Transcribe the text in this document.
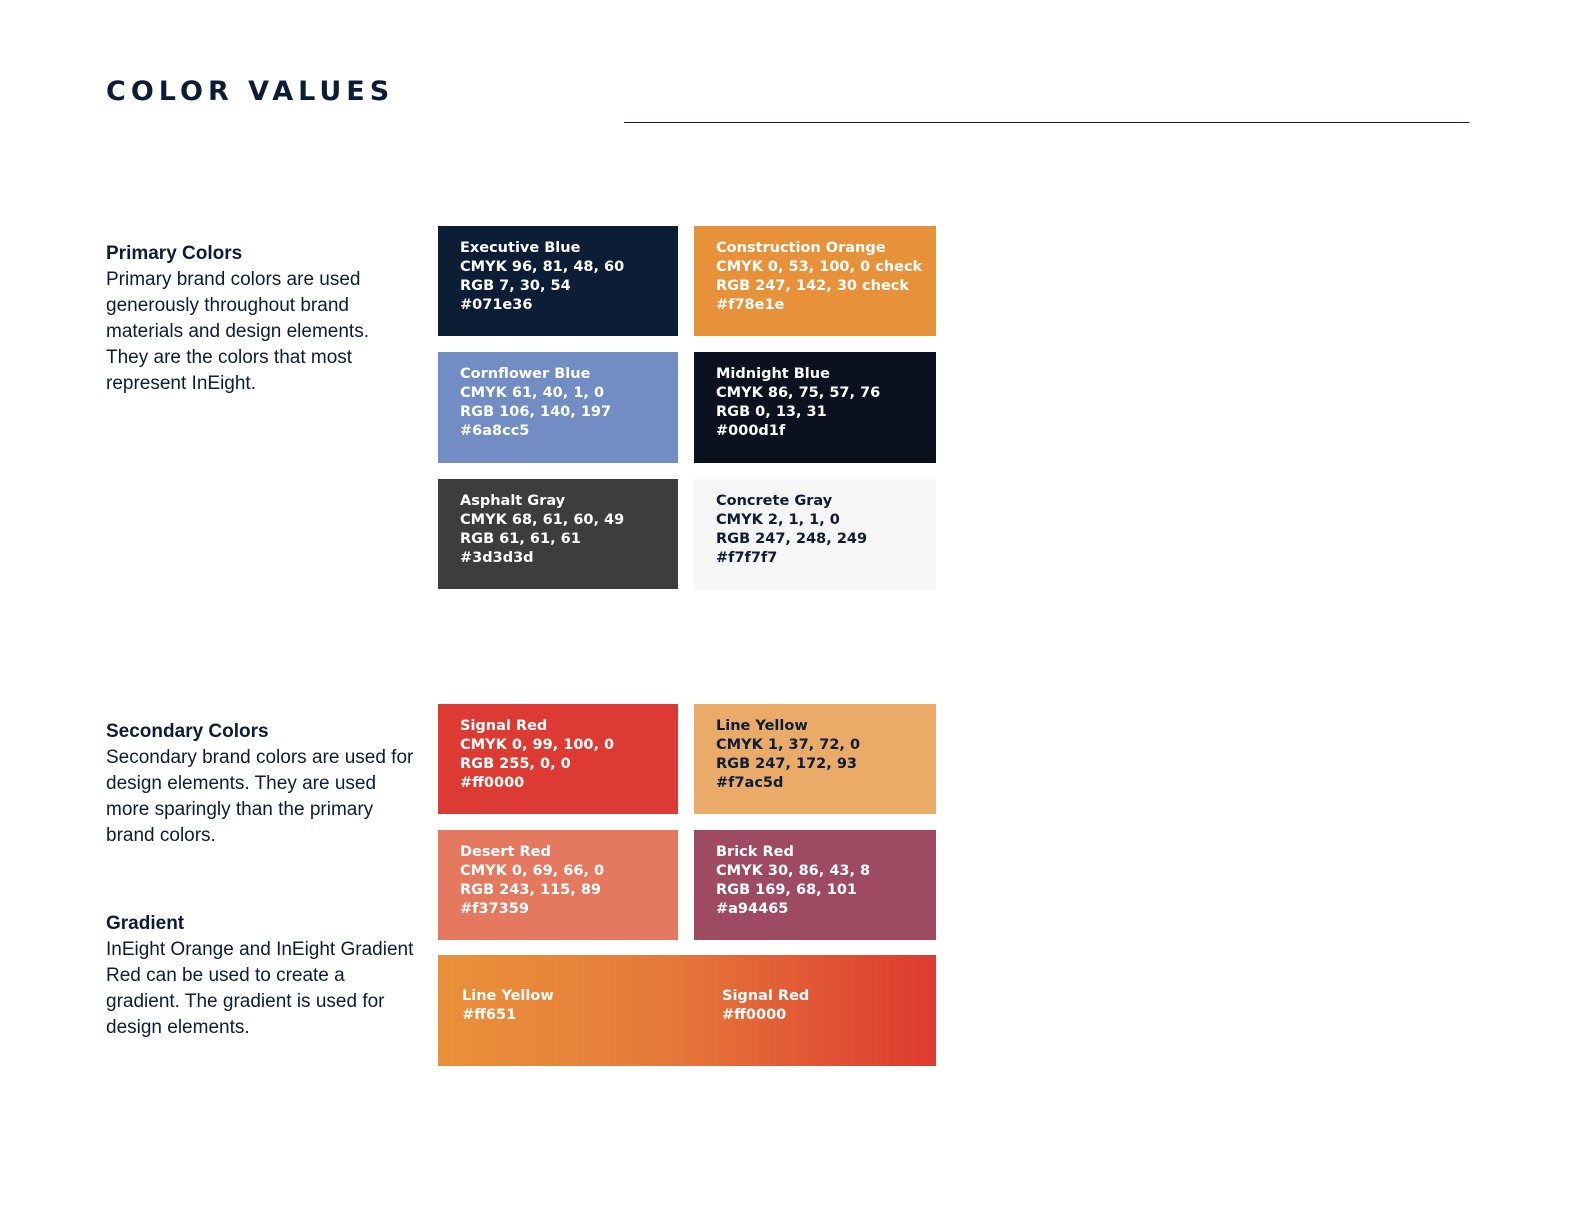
COLOR VALUES
Primary Colors
Primary brand colors are used generously throughout brand materials and design elements. They are the colors that most represent InEight.
Executive Blue
CMYK 96, 81, 48, 60
RGB 7, 30, 54
#071e36
Construction Orange
CMYK 0, 53, 100, 0 check
RGB 247, 142, 30 check
#f78e1e
Cornflower Blue
CMYK 61, 40, 1, 0
RGB 106, 140, 197
#6a8cc5
Midnight Blue
CMYK 86, 75, 57, 76
RGB 0, 13, 31
#000d1f
Asphalt Gray
CMYK 68, 61, 60, 49
RGB 61, 61, 61
#3d3d3d
Concrete Gray
CMYK 2, 1, 1, 0
RGB 247, 248, 249
#f7f7f7
Secondary Colors
Secondary brand colors are used for design elements. They are used more sparingly than the primary brand colors.
Signal Red
CMYK 0, 99, 100, 0
RGB 255, 0, 0
#ff0000
Line Yellow
CMYK 1, 37, 72, 0
RGB 247, 172, 93
#f7ac5d
Desert Red
CMYK 0, 69, 66, 0
RGB 243, 115, 89
#f37359
Brick Red
CMYK 30, 86, 43, 8
RGB 169, 68, 101
#a94465
Gradient
InEight Orange and InEight Gradient Red can be used to create a gradient. The gradient is used for design elements.
Line Yellow
#ff651
Signal Red
#ff0000
